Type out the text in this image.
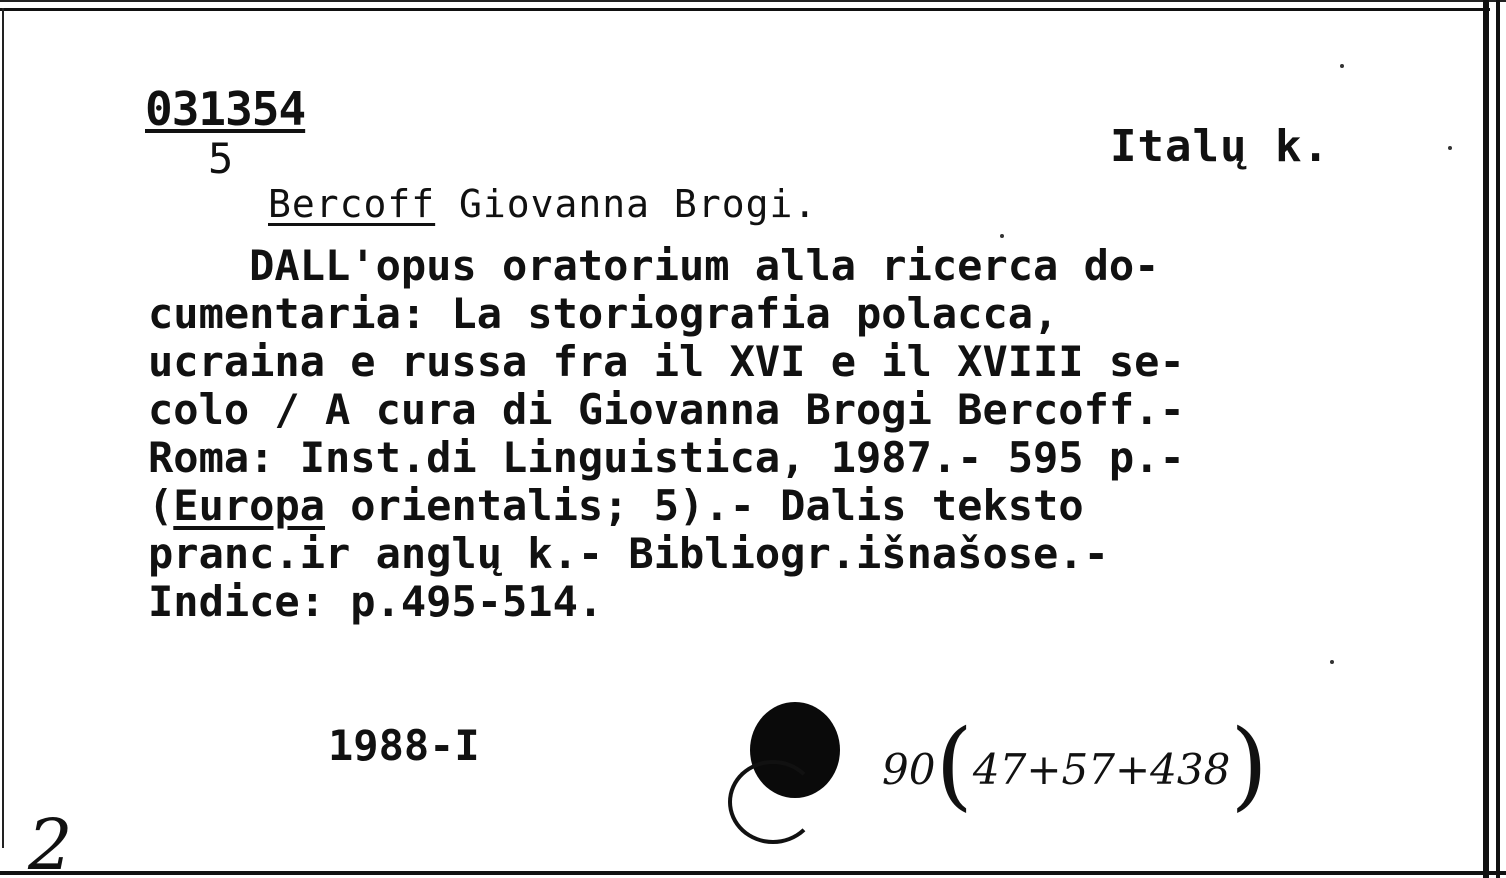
031354
5	Italų k.
Bercoff Giovanna Brogi.
DALL'opus oratorium alla ricerca do-
cumentaria: La storiografia polacca,
ucraina e russa fra il XVI e il XVIII se-
colo / A cura di Giovanna Brogi Bercoff.-
Roma: Inst.di Linguistica, 1987.- 595 p.-
(Europa orientalis; 5).- Dalis teksto
pranc.ir anglų k.- Bibliogr.išnašose.-
Indice: p.495-514.
1988-I	90(47+57+438)
2
